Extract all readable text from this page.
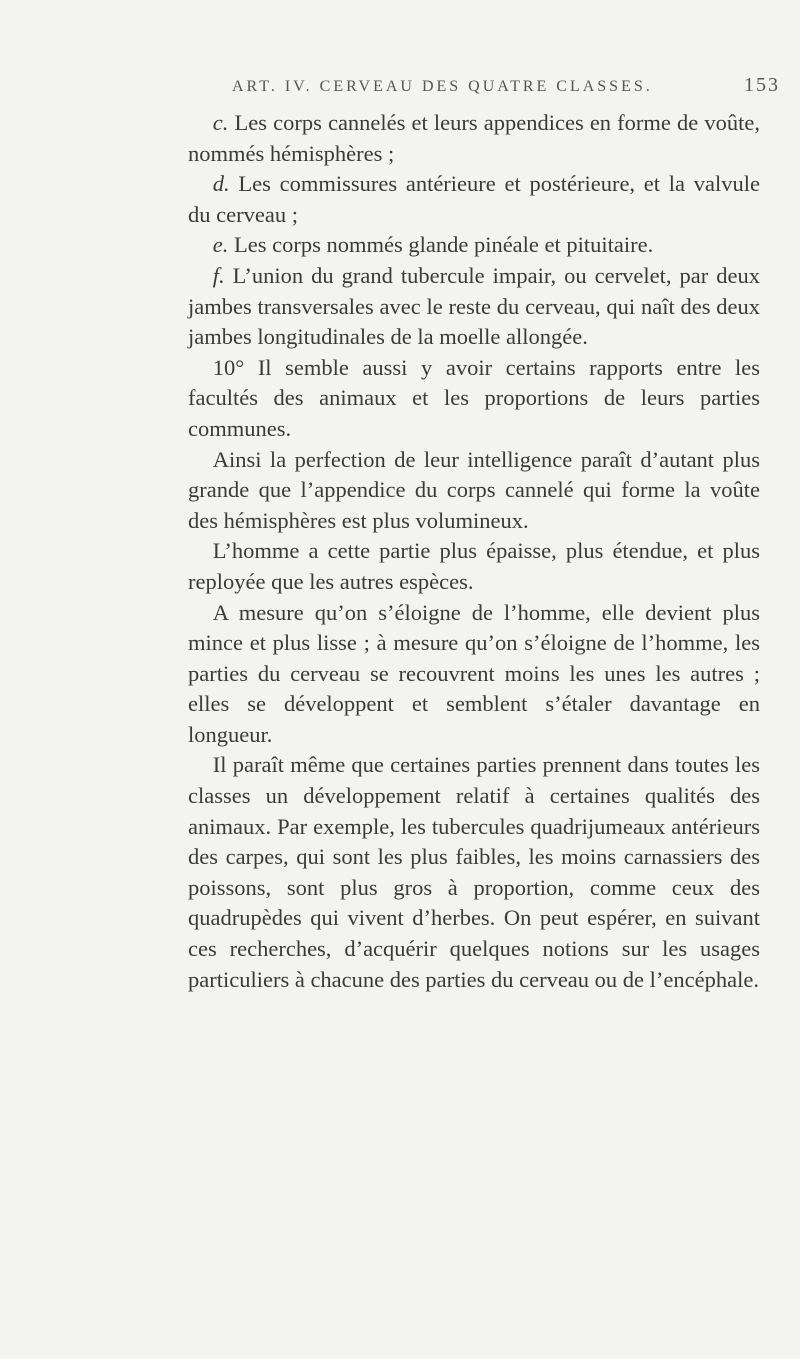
ART. IV. CERVEAU DES QUATRE CLASSES.	153

c. Les corps cannelés et leurs appendices en forme de voûte, nommés hémisphères ;

d. Les commissures antérieure et postérieure, et la valvule du cerveau ;

e. Les corps nommés glande pinéale et pituitaire.

f. L’union du grand tubercule impair, ou cervelet, par deux jambes transversales avec le reste du cerveau, qui naît des deux jambes longitudinales de la moelle allongée.

10° Il semble aussi y avoir certains rapports entre les facultés des animaux et les proportions de leurs parties communes.

Ainsi la perfection de leur intelligence paraît d’autant plus grande que l’appendice du corps cannelé qui forme la voûte des hémisphères est plus volumineux.

L’homme a cette partie plus épaisse, plus étendue, et plus reployée que les autres espèces.

A mesure qu’on s’éloigne de l’homme, elle devient plus mince et plus lisse ; à mesure qu’on s’éloigne de l’homme, les parties du cerveau se recouvrent moins les unes les autres ; elles se développent et semblent s’étaler davantage en longueur.

Il paraît même que certaines parties prennent dans toutes les classes un développement relatif à certaines qualités des animaux. Par exemple, les tubercules quadrijumeaux antérieurs des carpes, qui sont les plus faibles, les moins carnassiers des poissons, sont plus gros à proportion, comme ceux des quadrupèdes qui vivent d’herbes. On peut espérer, en suivant ces recherches, d’acquérir quelques notions sur les usages particuliers à chacune des parties du cerveau ou de l’encéphale.
